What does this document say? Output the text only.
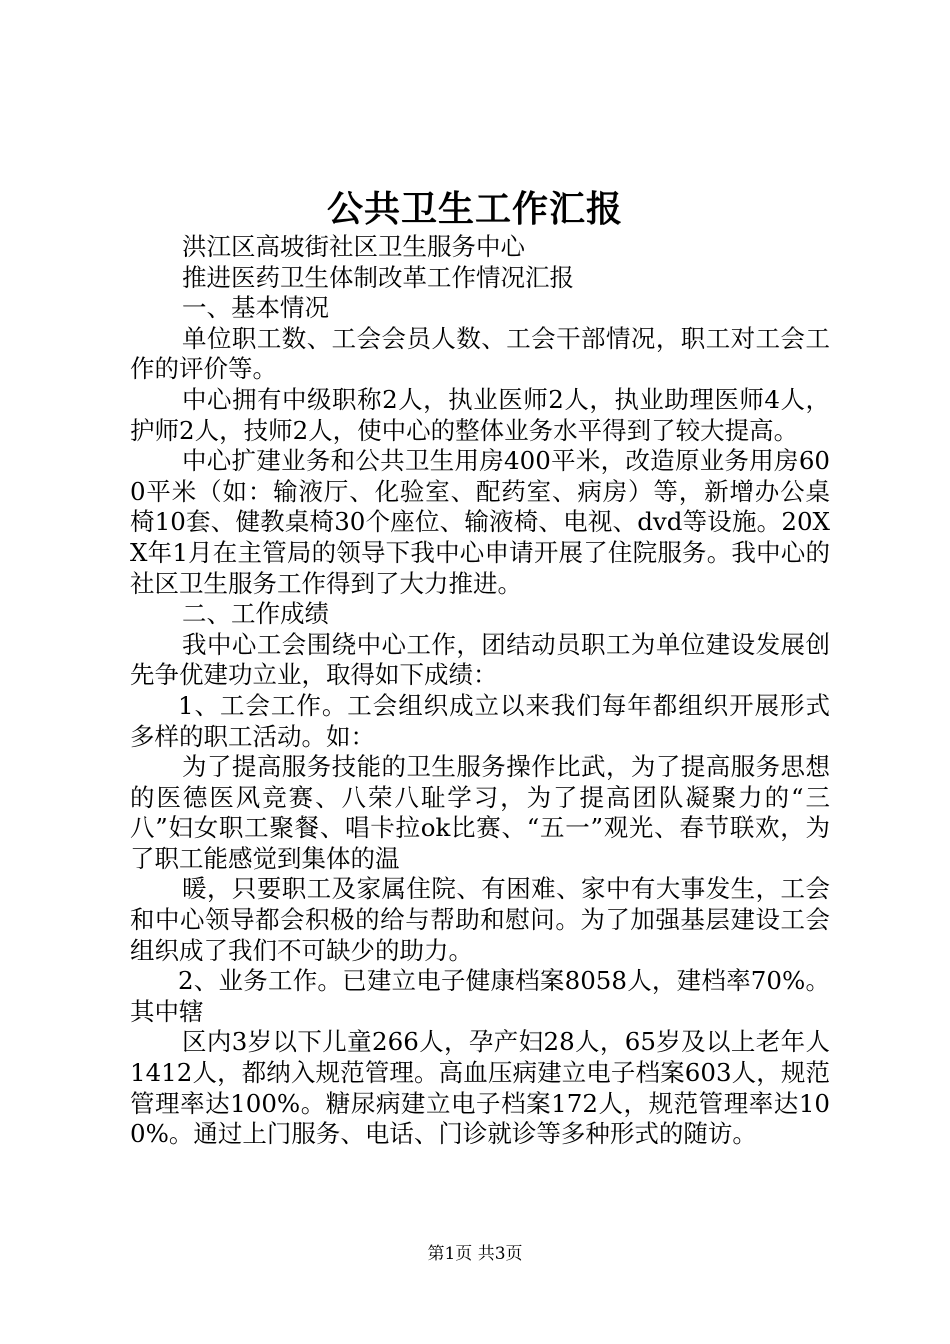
公共卫生工作汇报

洪江区高坡街社区卫生服务中心

推进医药卫生体制改革工作情况汇报

一、基本情况

单位职工数、工会会员人数、工会干部情况，职工对工会工作的评价等。

中心拥有中级职称2人，执业医师2人，执业助理医师4人，护师2人，技师2人，使中心的整体业务水平得到了较大提高。

中心扩建业务和公共卫生用房400平米，改造原业务用房600平米（如：输液厅、化验室、配药室、病房）等，新增办公桌椅10套、健教桌椅30个座位、输液椅、电视、dvd等设施。20XX年1月在主管局的领导下我中心申请开展了住院服务。我中心的社区卫生服务工作得到了大力推进。

二、工作成绩

我中心工会围绕中心工作，团结动员职工为单位建设发展创先争优建功立业，取得如下成绩：

1、工会工作。工会组织成立以来我们每年都组织开展形式多样的职工活动。如：

为了提高服务技能的卫生服务操作比武，为了提高服务思想的医德医风竞赛、八荣八耻学习，为了提高团队凝聚力的“三八”妇女职工聚餐、唱卡拉ok比赛、“五一”观光、春节联欢，为了职工能感觉到集体的温

暖，只要职工及家属住院、有困难、家中有大事发生，工会和中心领导都会积极的给与帮助和慰问。为了加强基层建设工会组织成了我们不可缺少的助力。

2、业务工作。已建立电子健康档案8058人，建档率70%。其中辖

区内3岁以下儿童266人，孕产妇28人，65岁及以上老年人1412人，都纳入规范管理。高血压病建立电子档案603人，规范管理率达100%。糖尿病建立电子档案172人，规范管理率达100%。通过上门服务、电话、门诊就诊等多种形式的随访。

第1页 共3页
